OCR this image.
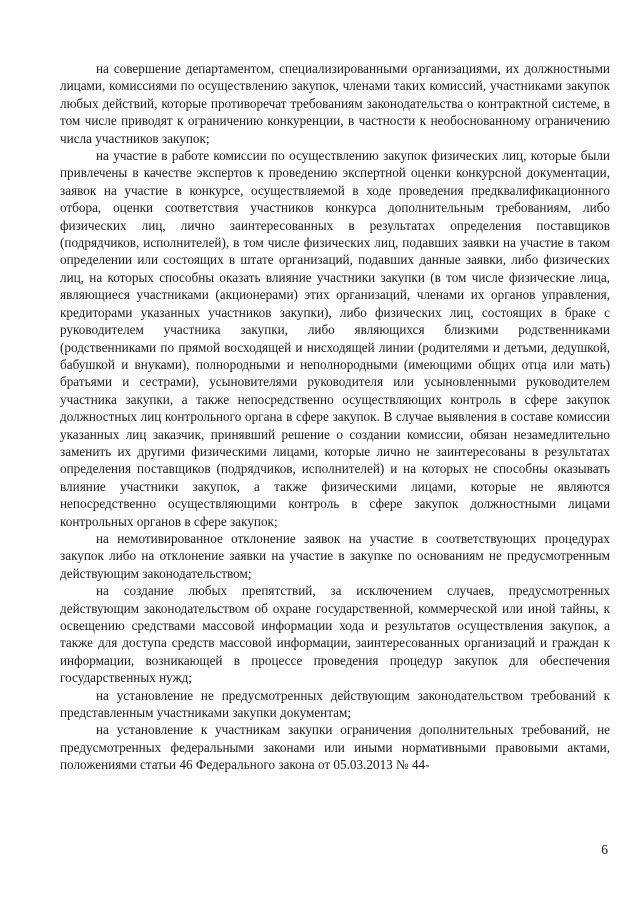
на совершение департаментом, специализированными организациями, их должностными лицами, комиссиями по осуществлению закупок, членами таких комиссий, участниками закупок любых действий, которые противоречат требованиям законодательства о контрактной системе, в том числе приводят к ограничению конкуренции, в частности к необоснованному ограничению числа участников закупок;

на участие в работе комиссии по осуществлению закупок физических лиц, которые были привлечены в качестве экспертов к проведению экспертной оценки конкурсной документации, заявок на участие в конкурсе, осуществляемой в ходе проведения предквалификационного отбора, оценки соответствия участников конкурса дополнительным требованиям, либо физических лиц, лично заинтересованных в результатах определения поставщиков (подрядчиков, исполнителей), в том числе физических лиц, подавших заявки на участие в таком определении или состоящих в штате организаций, подавших данные заявки, либо физических лиц, на которых способны оказать влияние участники закупки (в том числе физические лица, являющиеся участниками (акционерами) этих организаций, членами их органов управления, кредиторами указанных участников закупки), либо физических лиц, состоящих в браке с руководителем участника закупки, либо являющихся близкими родственниками (родственниками по прямой восходящей и нисходящей линии (родителями и детьми, дедушкой, бабушкой и внуками), полнородными и неполнородными (имеющими общих отца или мать) братьями и сестрами), усыновителями руководителя или усыновленными руководителем участника закупки, а также непосредственно осуществляющих контроль в сфере закупок должностных лиц контрольного органа в сфере закупок. В случае выявления в составе комиссии указанных лиц заказчик, принявший решение о создании комиссии, обязан незамедлительно заменить их другими физическими лицами, которые лично не заинтересованы в результатах определения поставщиков (подрядчиков, исполнителей) и на которых не способны оказывать влияние участники закупок, а также физическими лицами, которые не являются непосредственно осуществляющими контроль в сфере закупок должностными лицами контрольных органов в сфере закупок;

на немотивированное отклонение заявок на участие в соответствующих процедурах закупок либо на отклонение заявки на участие в закупке по основаниям не предусмотренным действующим законодательством;

на создание любых препятствий, за исключением случаев, предусмотренных действующим законодательством об охране государственной, коммерческой или иной тайны, к освещению средствами массовой информации хода и результатов осуществления закупок, а также для доступа средств массовой информации, заинтересованных организаций и граждан к информации, возникающей в процессе проведения процедур закупок для обеспечения государственных нужд;

на установление не предусмотренных действующим законодательством требований к представленным участниками закупки документам;

на установление к участникам закупки ограничения дополнительных требований, не предусмотренных федеральными законами или иными нормативными правовыми актами, положениями статьи 46 Федерального закона от 05.03.2013 № 44-

6
